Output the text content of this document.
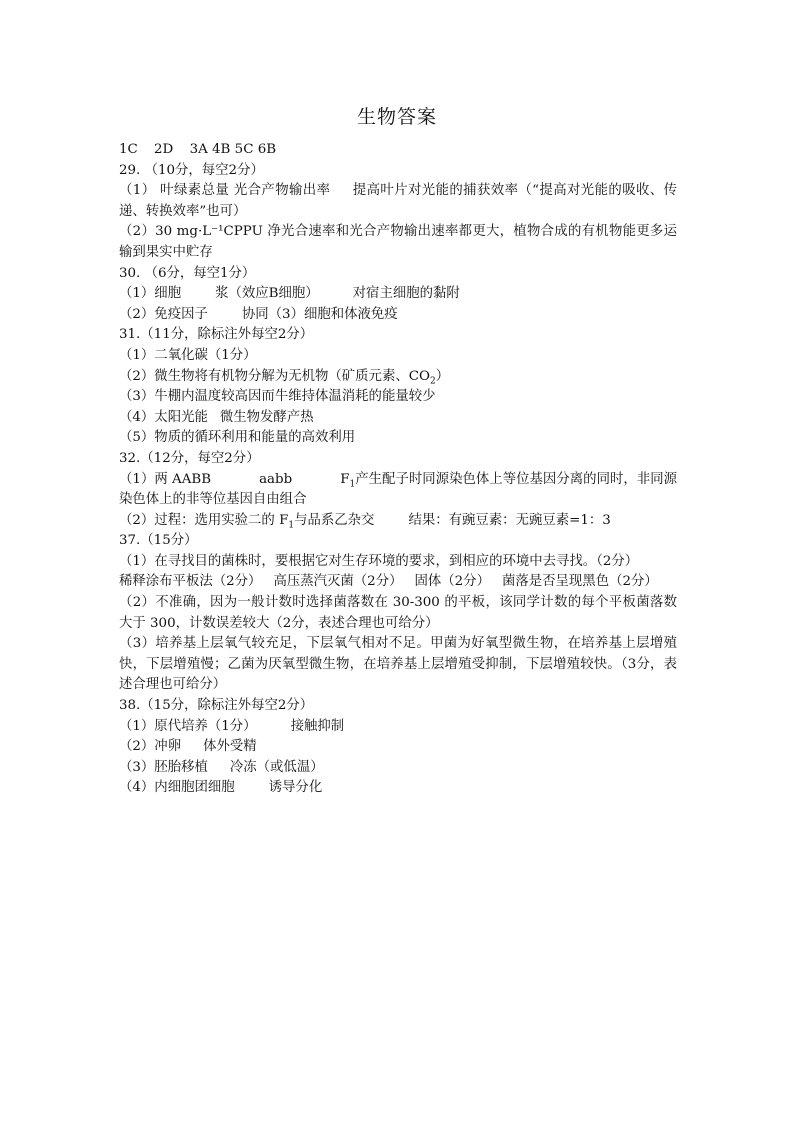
生物答案
1C 2D 3A 4B 5C 6B
29. （10分，每空2分）
（1） 叶绿素总量 光合产物输出率 提高叶片对光能的捕获效率（“提高对光能的吸收、传递、转换效率”也可）
（2）30 mg·L⁻¹CPPU 净光合速率和光合产物输出速率都更大，植物合成的有机物能更多运输到果实中贮存
30. （6分，每空1分）
（1）细胞	浆（效应B细胞）	对宿主细胞的黏附
（2）免疫因子	协同（3）细胞和体液免疫
31.（11分，除标注外每空2分）
（1）二氧化碳（1分）
（2）微生物将有机物分解为无机物（矿质元素、$CO_2$）
（3）牛棚内温度较高因而牛维持体温消耗的能量较少
（4）太阳光能 微生物发酵产热
（5）物质的循环利用和能量的高效利用
32.（12分，每空2分）
（1）两 AABB	aabb	$F_1$产生配子时同源染色体上等位基因分离的同时，非同源染色体上的非等位基因自由组合
（2）过程：选用实验二的 $F_1$与品系乙杂交	结果：有豌豆素：无豌豆素=1：3
37.（15分）
（1）在寻找目的菌株时，要根据它对生存环境的要求，到相应的环境中去寻找。（2分）
稀释涂布平板法（2分） 高压蒸汽灭菌（2分） 固体（2分） 菌落是否呈现黑色（2分）
（2）不准确，因为一般计数时选择菌落数在 30-300 的平板，该同学计数的每个平板菌落数大于 300，计数误差较大（2分，表述合理也可给分）
（3）培养基上层氧气较充足，下层氧气相对不足。甲菌为好氧型微生物，在培养基上层增殖快，下层增殖慢；乙菌为厌氧型微生物，在培养基上层增殖受抑制，下层增殖较快。（3分，表述合理也可给分）
38.（15分，除标注外每空2分）
（1）原代培养（1分）	接触抑制
（2）冲卵 体外受精
（3）胚胎移植 冷冻（或低温）
（4）内细胞团细胞	诱导分化
